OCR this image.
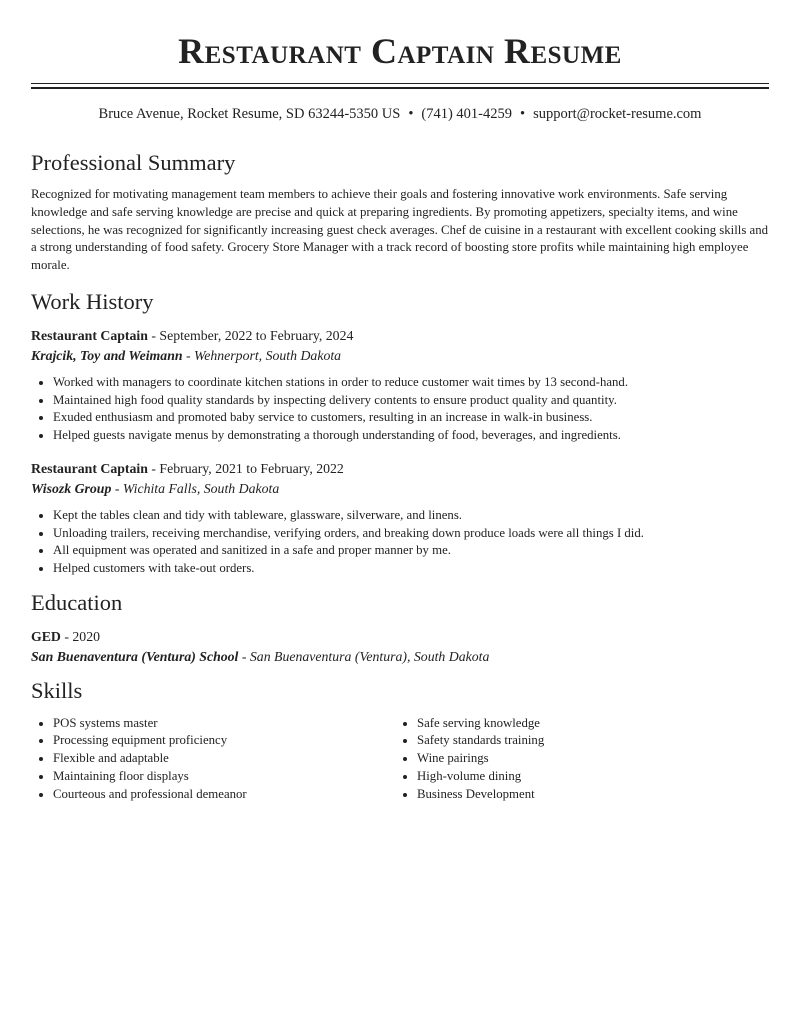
Restaurant Captain Resume
Bruce Avenue, Rocket Resume, SD 63244-5350 US • (741) 401-4259 • support@rocket-resume.com
Professional Summary

Recognized for motivating management team members to achieve their goals and fostering innovative work environments. Safe serving knowledge and safe serving knowledge are precise and quick at preparing ingredients. By promoting appetizers, specialty items, and wine selections, he was recognized for significantly increasing guest check averages. Chef de cuisine in a restaurant with excellent cooking skills and a strong understanding of food safety. Grocery Store Manager with a track record of boosting store profits while maintaining high employee morale.

Work History
Restaurant Captain - September, 2022 to February, 2024
Krajcik, Toy and Weimann - Wehnerport, South Dakota
• Worked with managers to coordinate kitchen stations in order to reduce customer wait times by 13 second-hand.
• Maintained high food quality standards by inspecting delivery contents to ensure product quality and quantity.
• Exuded enthusiasm and promoted baby service to customers, resulting in an increase in walk-in business.
• Helped guests navigate menus by demonstrating a thorough understanding of food, beverages, and ingredients.
Restaurant Captain - February, 2021 to February, 2022
Wisozk Group - Wichita Falls, South Dakota
• Kept the tables clean and tidy with tableware, glassware, silverware, and linens.
• Unloading trailers, receiving merchandise, verifying orders, and breaking down produce loads were all things I did.
• All equipment was operated and sanitized in a safe and proper manner by me.
• Helped customers with take-out orders.
Education
GED - 2020
San Buenaventura (Ventura) School - San Buenaventura (Ventura), South Dakota
Skills
• POS systems master
• Processing equipment proficiency
• Flexible and adaptable
• Maintaining floor displays
• Courteous and professional demeanor
• Safe serving knowledge
• Safety standards training
• Wine pairings
• High-volume dining
• Business Development
